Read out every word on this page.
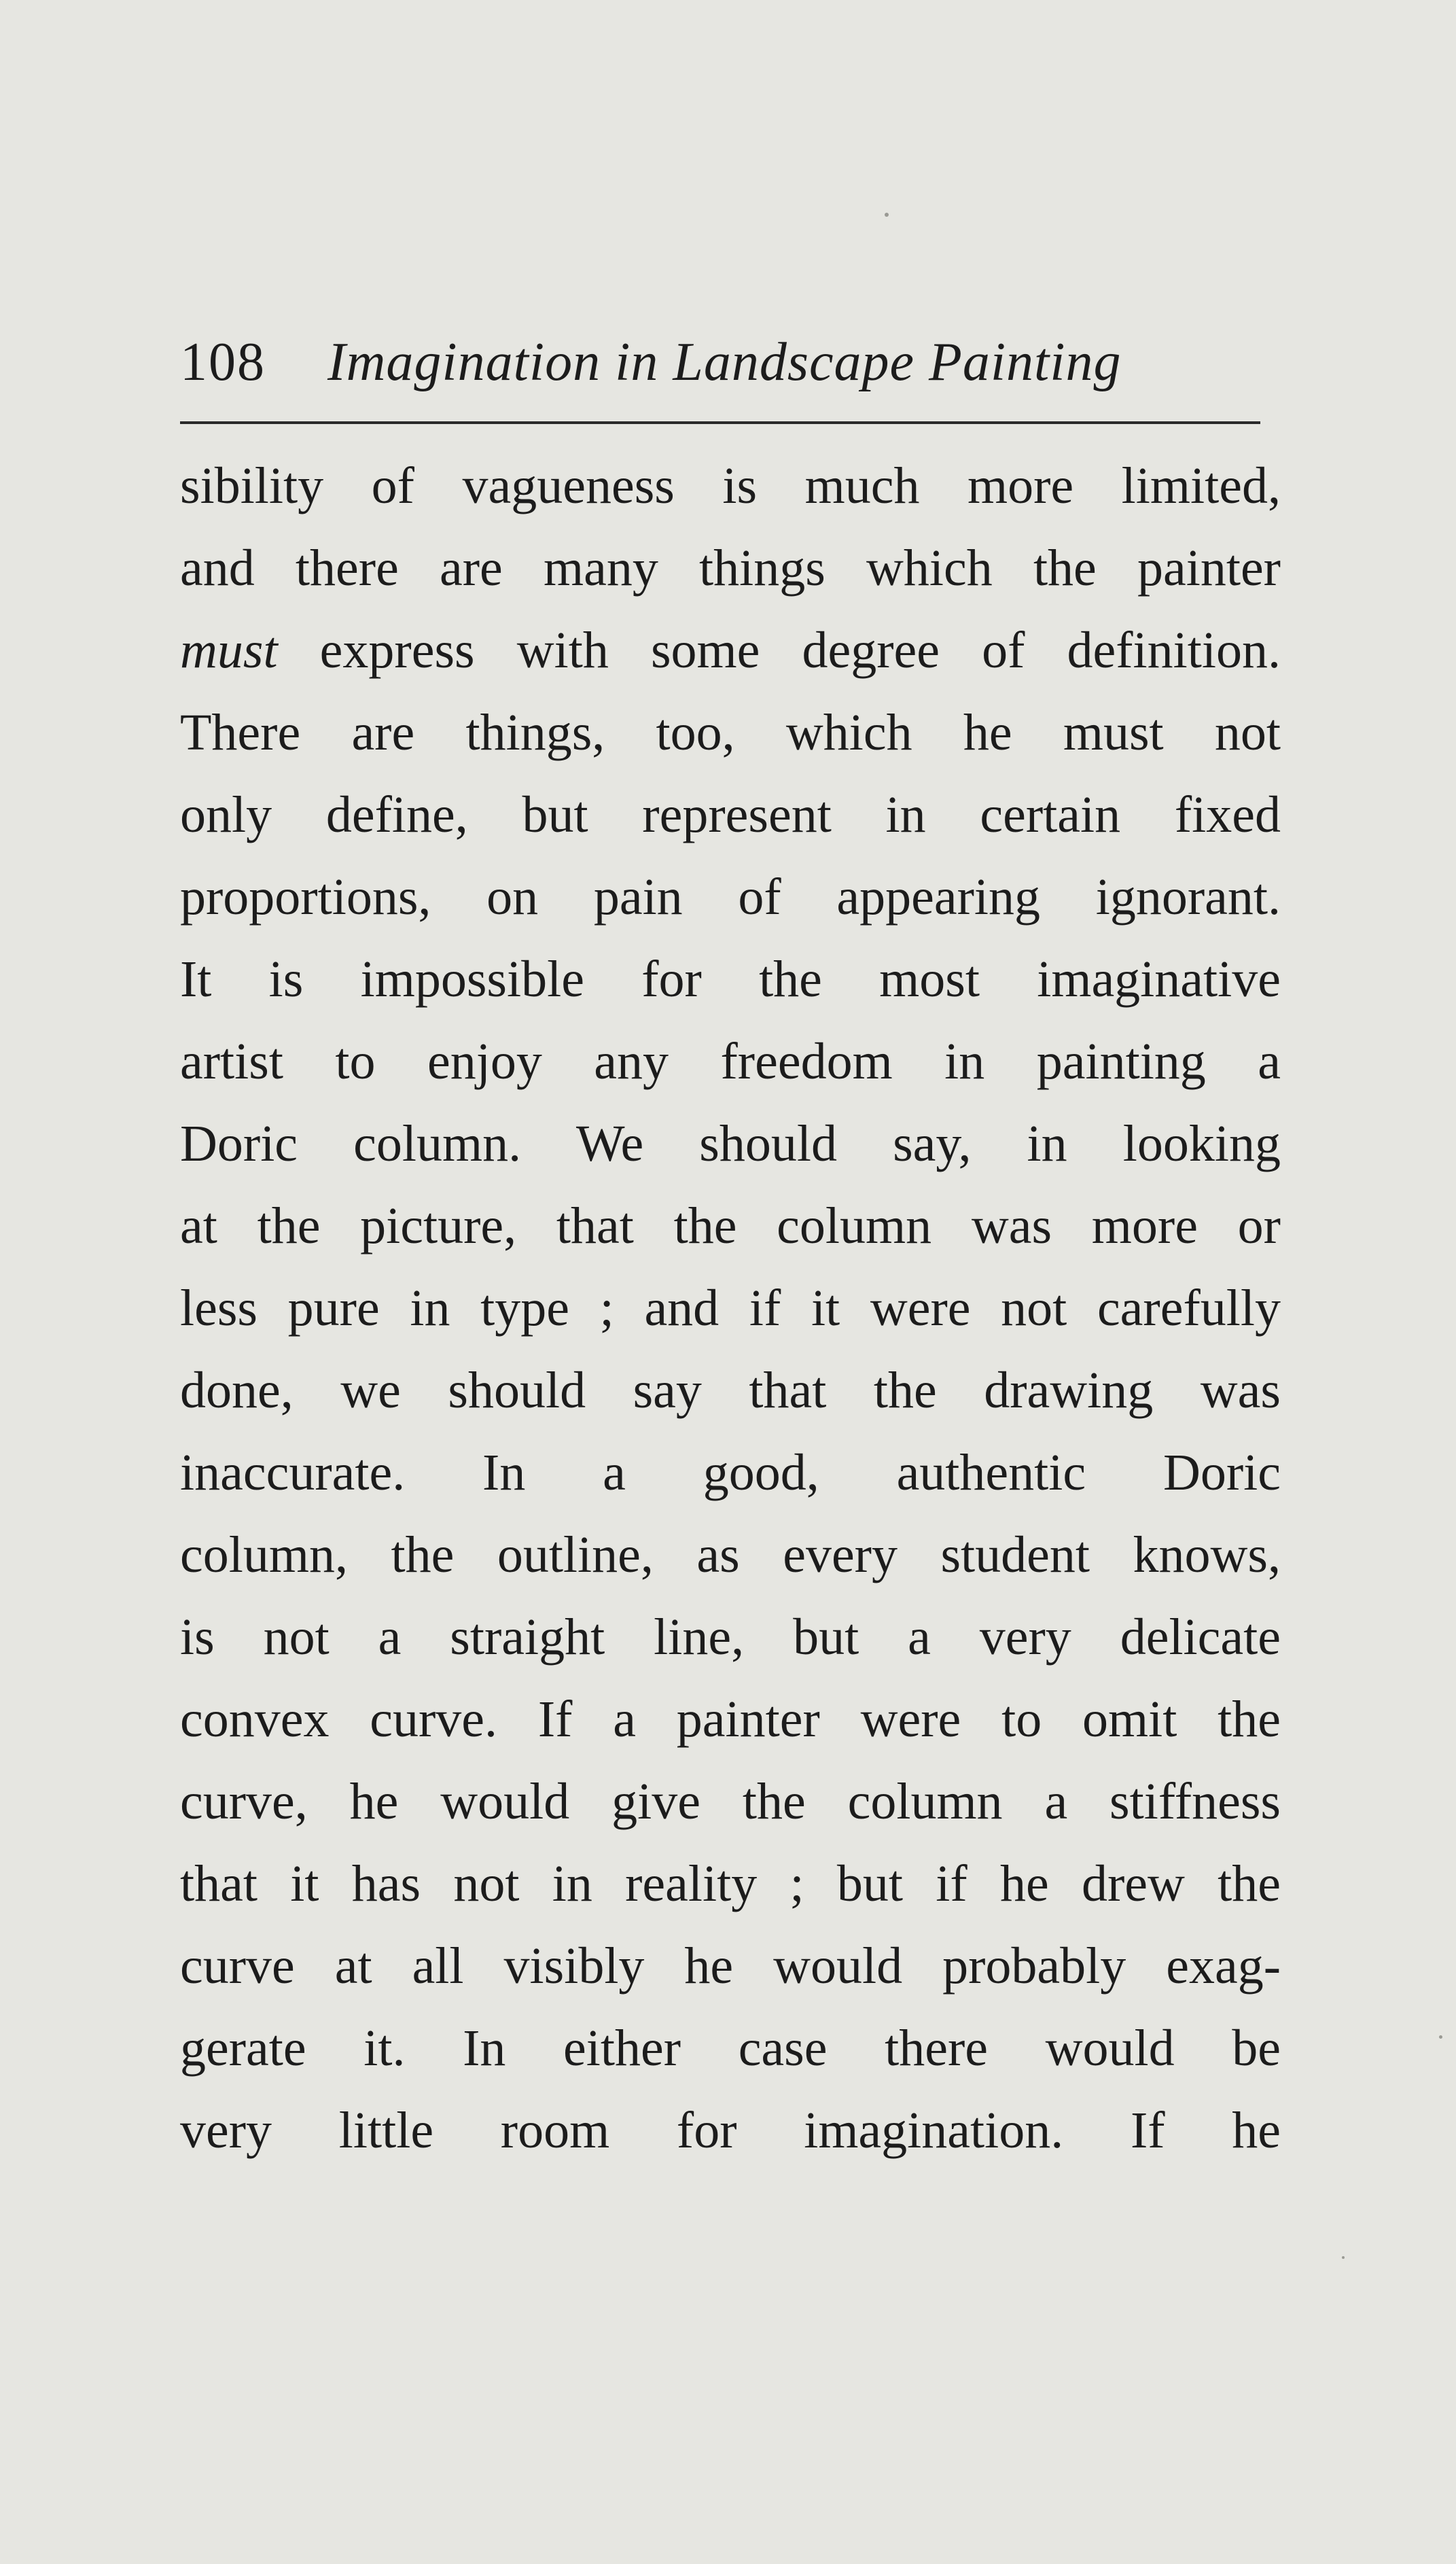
108 Imagination in Landscape Painting
sibility of vagueness is much more limited,
and there are many things which the painter
must express with some degree of definition.
There are things, too, which he must not
only define, but represent in certain fixed
proportions, on pain of appearing ignorant.
It is impossible for the most imaginative
artist to enjoy any freedom in painting a
Doric column. We should say, in looking
at the picture, that the column was more or
less pure in type ; and if it were not carefully
done, we should say that the drawing was
inaccurate. In a good, authentic Doric
column, the outline, as every student knows,
is not a straight line, but a very delicate
convex curve. If a painter were to omit the
curve, he would give the column a stiffness
that it has not in reality ; but if he drew the
curve at all visibly he would probably exag-
gerate it. In either case there would be
very little room for imagination. If he
